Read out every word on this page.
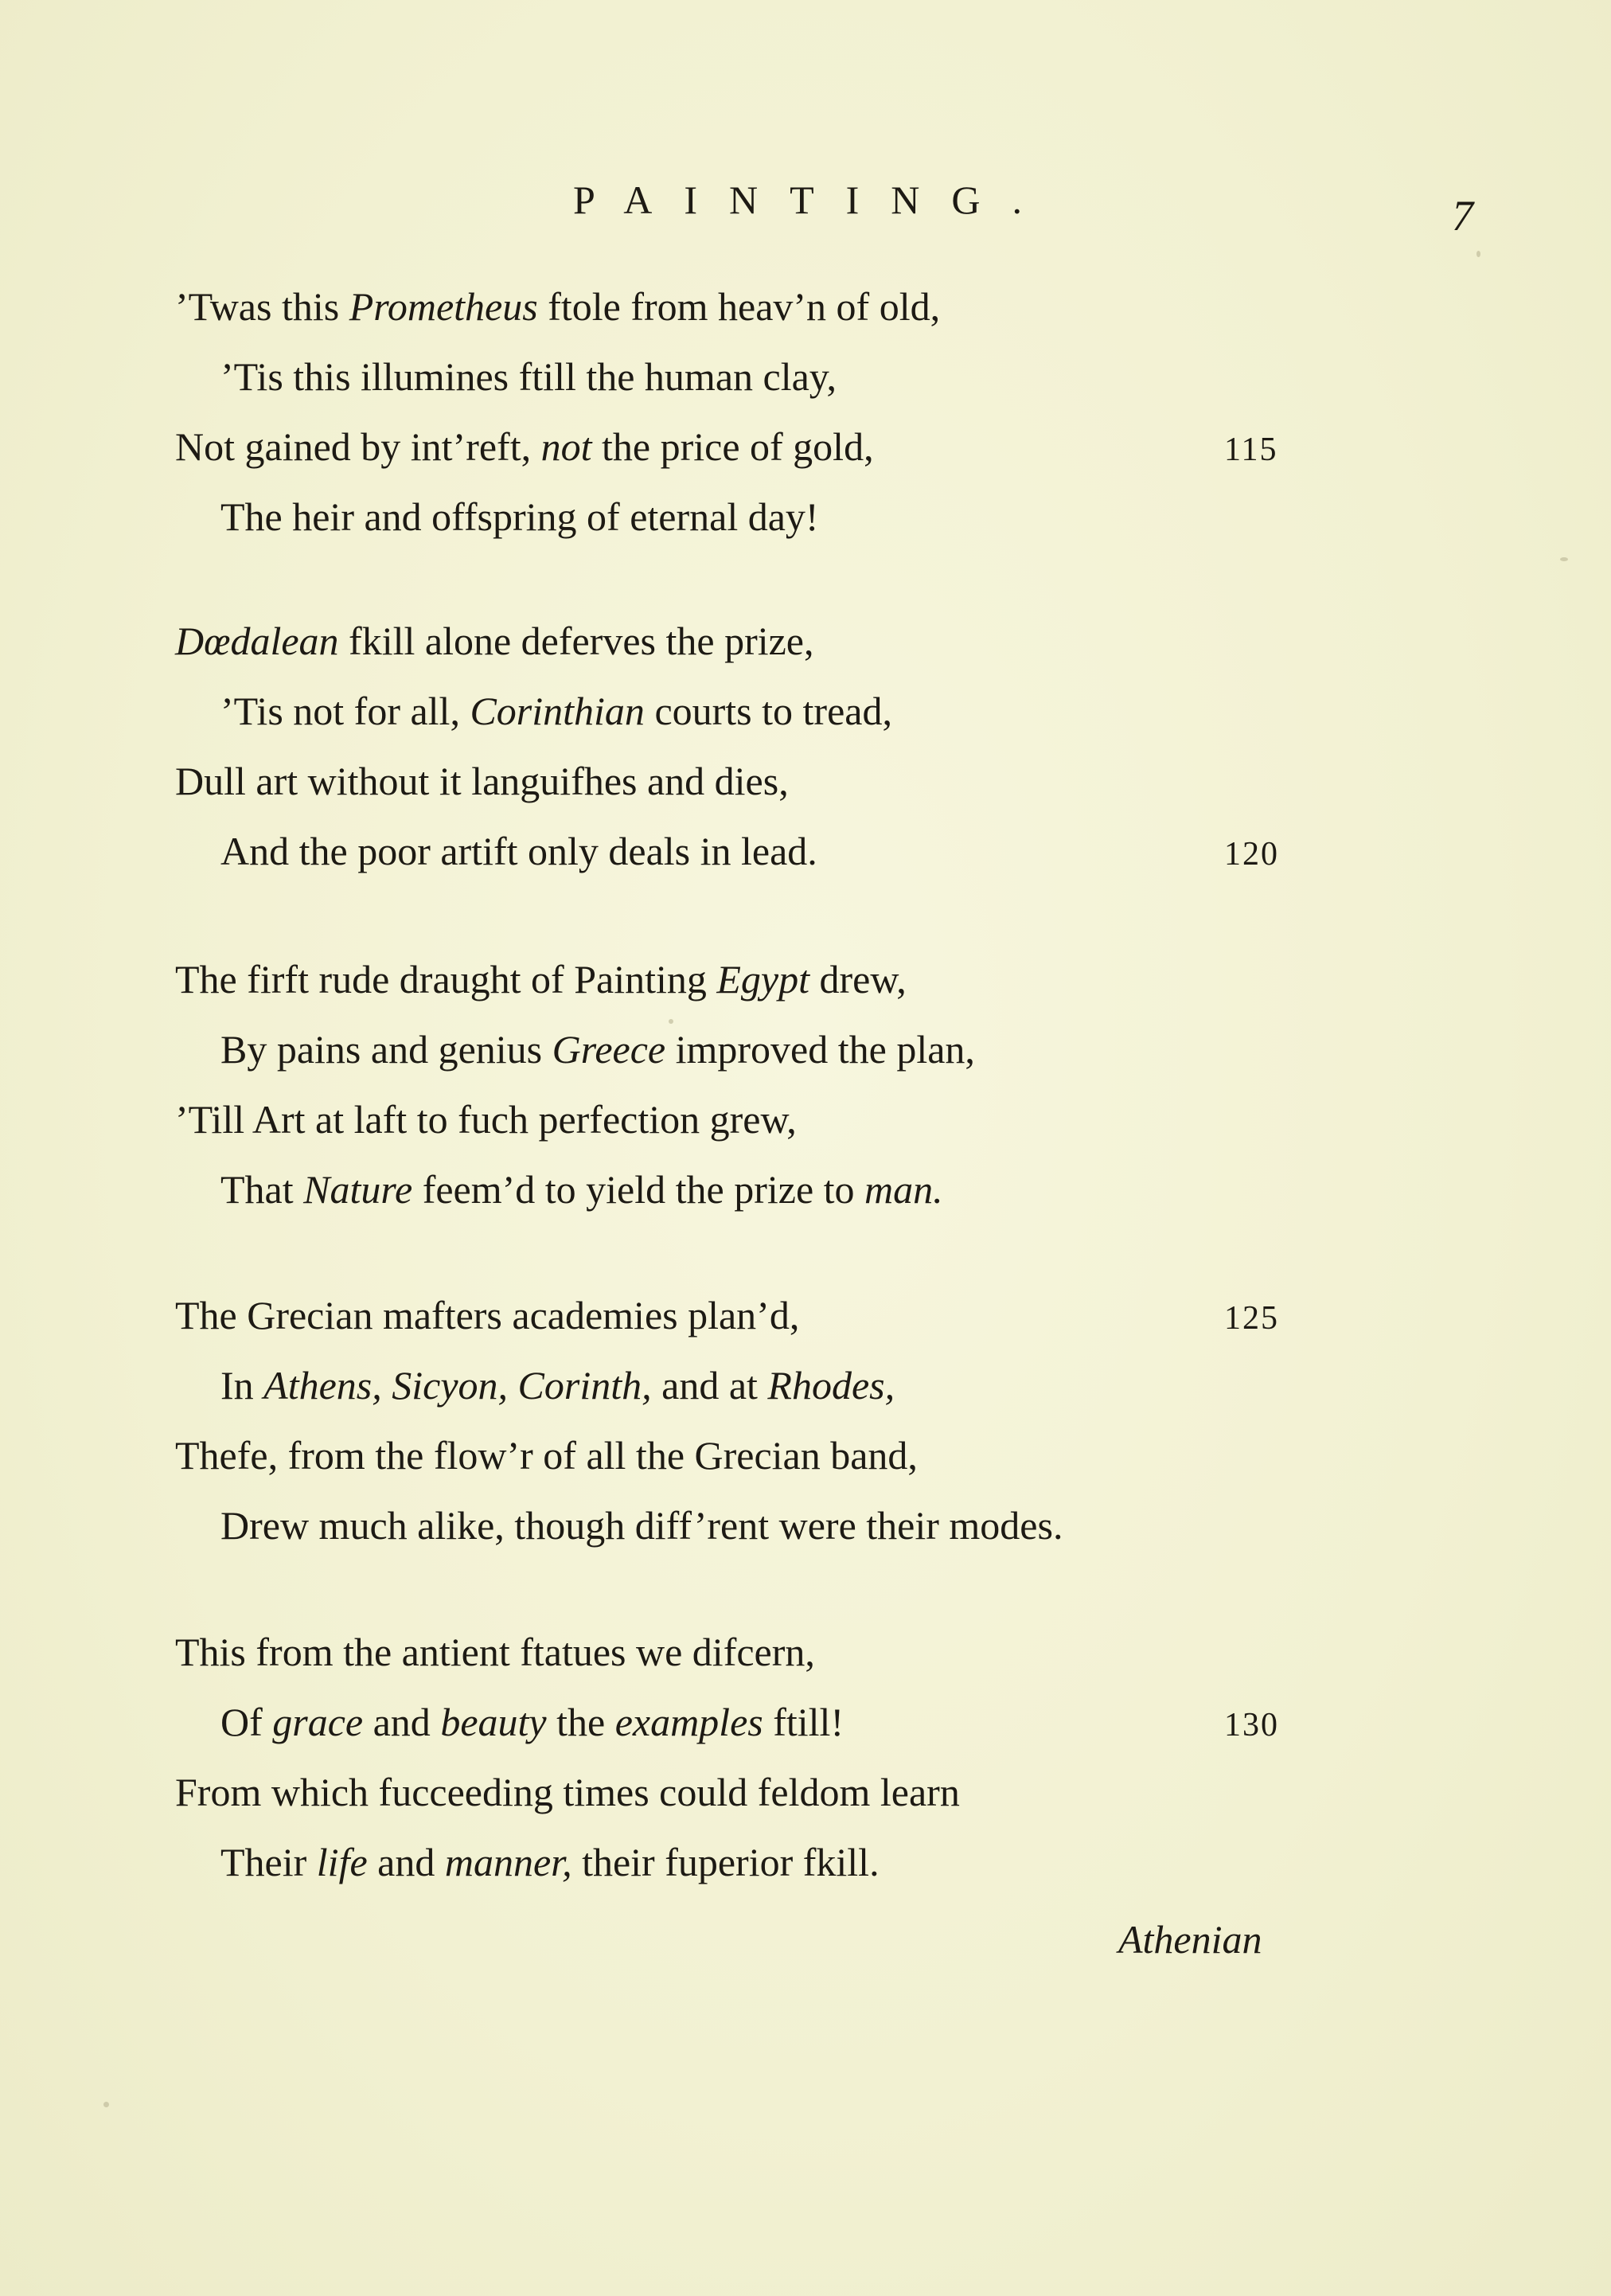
PAINTING.	7
’Twas this Prometheus ftole from heav’n of old,
’Tis this illumines ftill the human clay,
Not gained by int’reft, not the price of gold,	115
The heir and offspring of eternal day!
Dœdalean fkill alone deferves the prize,
’Tis not for all, Corinthian courts to tread,
Dull art without it languifhes and dies,
And the poor artift only deals in lead.	120
The firft rude draught of Painting Egypt drew,
By pains and genius Greece improved the plan,
’Till Art at laft to fuch perfection grew,
That Nature feem’d to yield the prize to man.
The Grecian mafters academies plan’d,	125
In Athens, Sicyon, Corinth, and at Rhodes,
Thefe, from the flow’r of all the Grecian band,
Drew much alike, though diff’rent were their modes.
This from the antient ftatues we difcern,
Of grace and beauty the examples ftill!	130
From which fucceeding times could feldom learn
Their life and manner, their fuperior fkill.
Athenian
